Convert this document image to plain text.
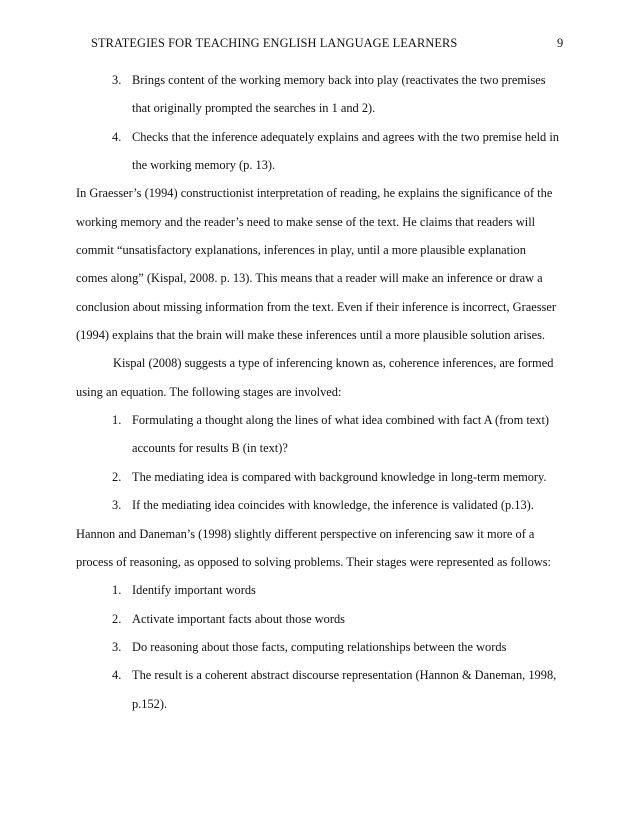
STRATEGIES FOR TEACHING ENGLISH LANGUAGE LEARNERS	9
3. Brings content of the working memory back into play (reactivates the two premises
that originally prompted the searches in 1 and 2).
4. Checks that the inference adequately explains and agrees with the two premise held in
the working memory (p. 13).
In Graesser’s (1994) constructionist interpretation of reading, he explains the significance of the
working memory and the reader’s need to make sense of the text. He claims that readers will
commit “unsatisfactory explanations, inferences in play, until a more plausible explanation
comes along” (Kispal, 2008. p. 13). This means that a reader will make an inference or draw a
conclusion about missing information from the text. Even if their inference is incorrect, Graesser
(1994) explains that the brain will make these inferences until a more plausible solution arises.
Kispal (2008) suggests a type of inferencing known as, coherence inferences, are formed
using an equation. The following stages are involved:
1. Formulating a thought along the lines of what idea combined with fact A (from text)
accounts for results B (in text)?
2. The mediating idea is compared with background knowledge in long-term memory.
3. If the mediating idea coincides with knowledge, the inference is validated (p.13).
Hannon and Daneman’s (1998) slightly different perspective on inferencing saw it more of a
process of reasoning, as opposed to solving problems. Their stages were represented as follows:
1. Identify important words
2. Activate important facts about those words
3. Do reasoning about those facts, computing relationships between the words
4. The result is a coherent abstract discourse representation (Hannon & Daneman, 1998,
p.152).
